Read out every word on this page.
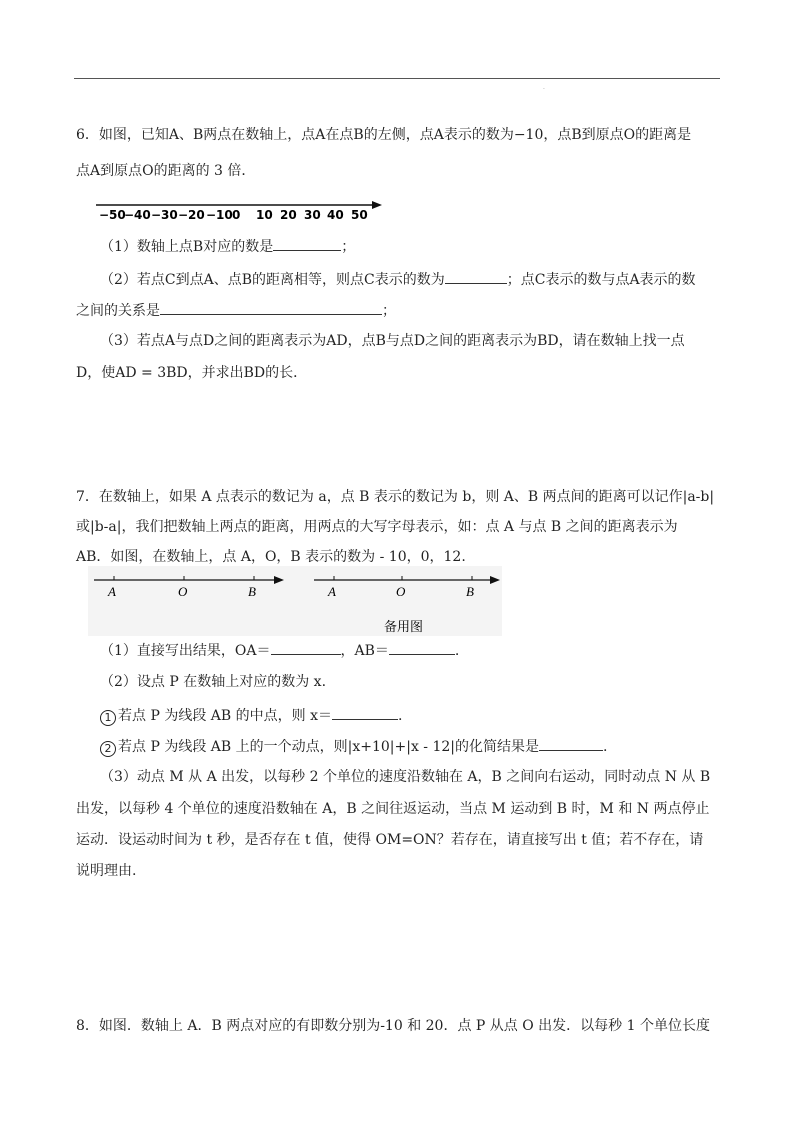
·
6．如图，已知A、B两点在数轴上，点A在点B的左侧，点A表示的数为−10，点B到原点O的距离是
点A到原点O的距离的 3 倍．
−50
−40 −30 −20 −10 0 10 20 30 40 50
（1）数轴上点B对应的数是	；
（2）若点C到点A、点B的距离相等，则点C表示的数为	；点C表示的数与点A表示的数
之间的关系是	；
（3）若点A与点D之间的距离表示为AD，点B与点D之间的距离表示为BD，请在数轴上找一点
D，使AD = 3BD，并求出BD的长．
7．在数轴上，如果 A 点表示的数记为 a，点 B 表示的数记为 b，则 A、B 两点间的距离可以记作|a-b|
或|b-a|，我们把数轴上两点的距离，用两点的大写字母表示，如：点 A 与点 B 之间的距离表示为
AB．如图，在数轴上，点 A，O，B 表示的数为 - 10，0，12.
A	O	B	A	O	B
备用图
（1）直接写出结果，OA＝	，AB＝	.
（2）设点 P 在数轴上对应的数为 x.
1 若点 P 为线段 AB 的中点，则 x＝	.
2 若点 P 为线段 AB 上的一个动点，则|x+10|+|x - 12|的化简结果是	.
（3）动点 M 从 A 出发，以每秒 2 个单位的速度沿数轴在 A，B 之间向右运动，同时动点 N 从 B
出发，以每秒 4 个单位的速度沿数轴在 A，B 之间往返运动，当点 M 运动到 B 时，M 和 N 两点停止
运动．设运动时间为 t 秒，是否存在 t 值，使得 OM=ON？若存在，请直接写出 t 值；若不存在，请
说明理由.
8．如图．数轴上 A．B 两点对应的有即数分别为-10 和 20．点 P 从点 O 出发．以每秒 1 个单位长度
